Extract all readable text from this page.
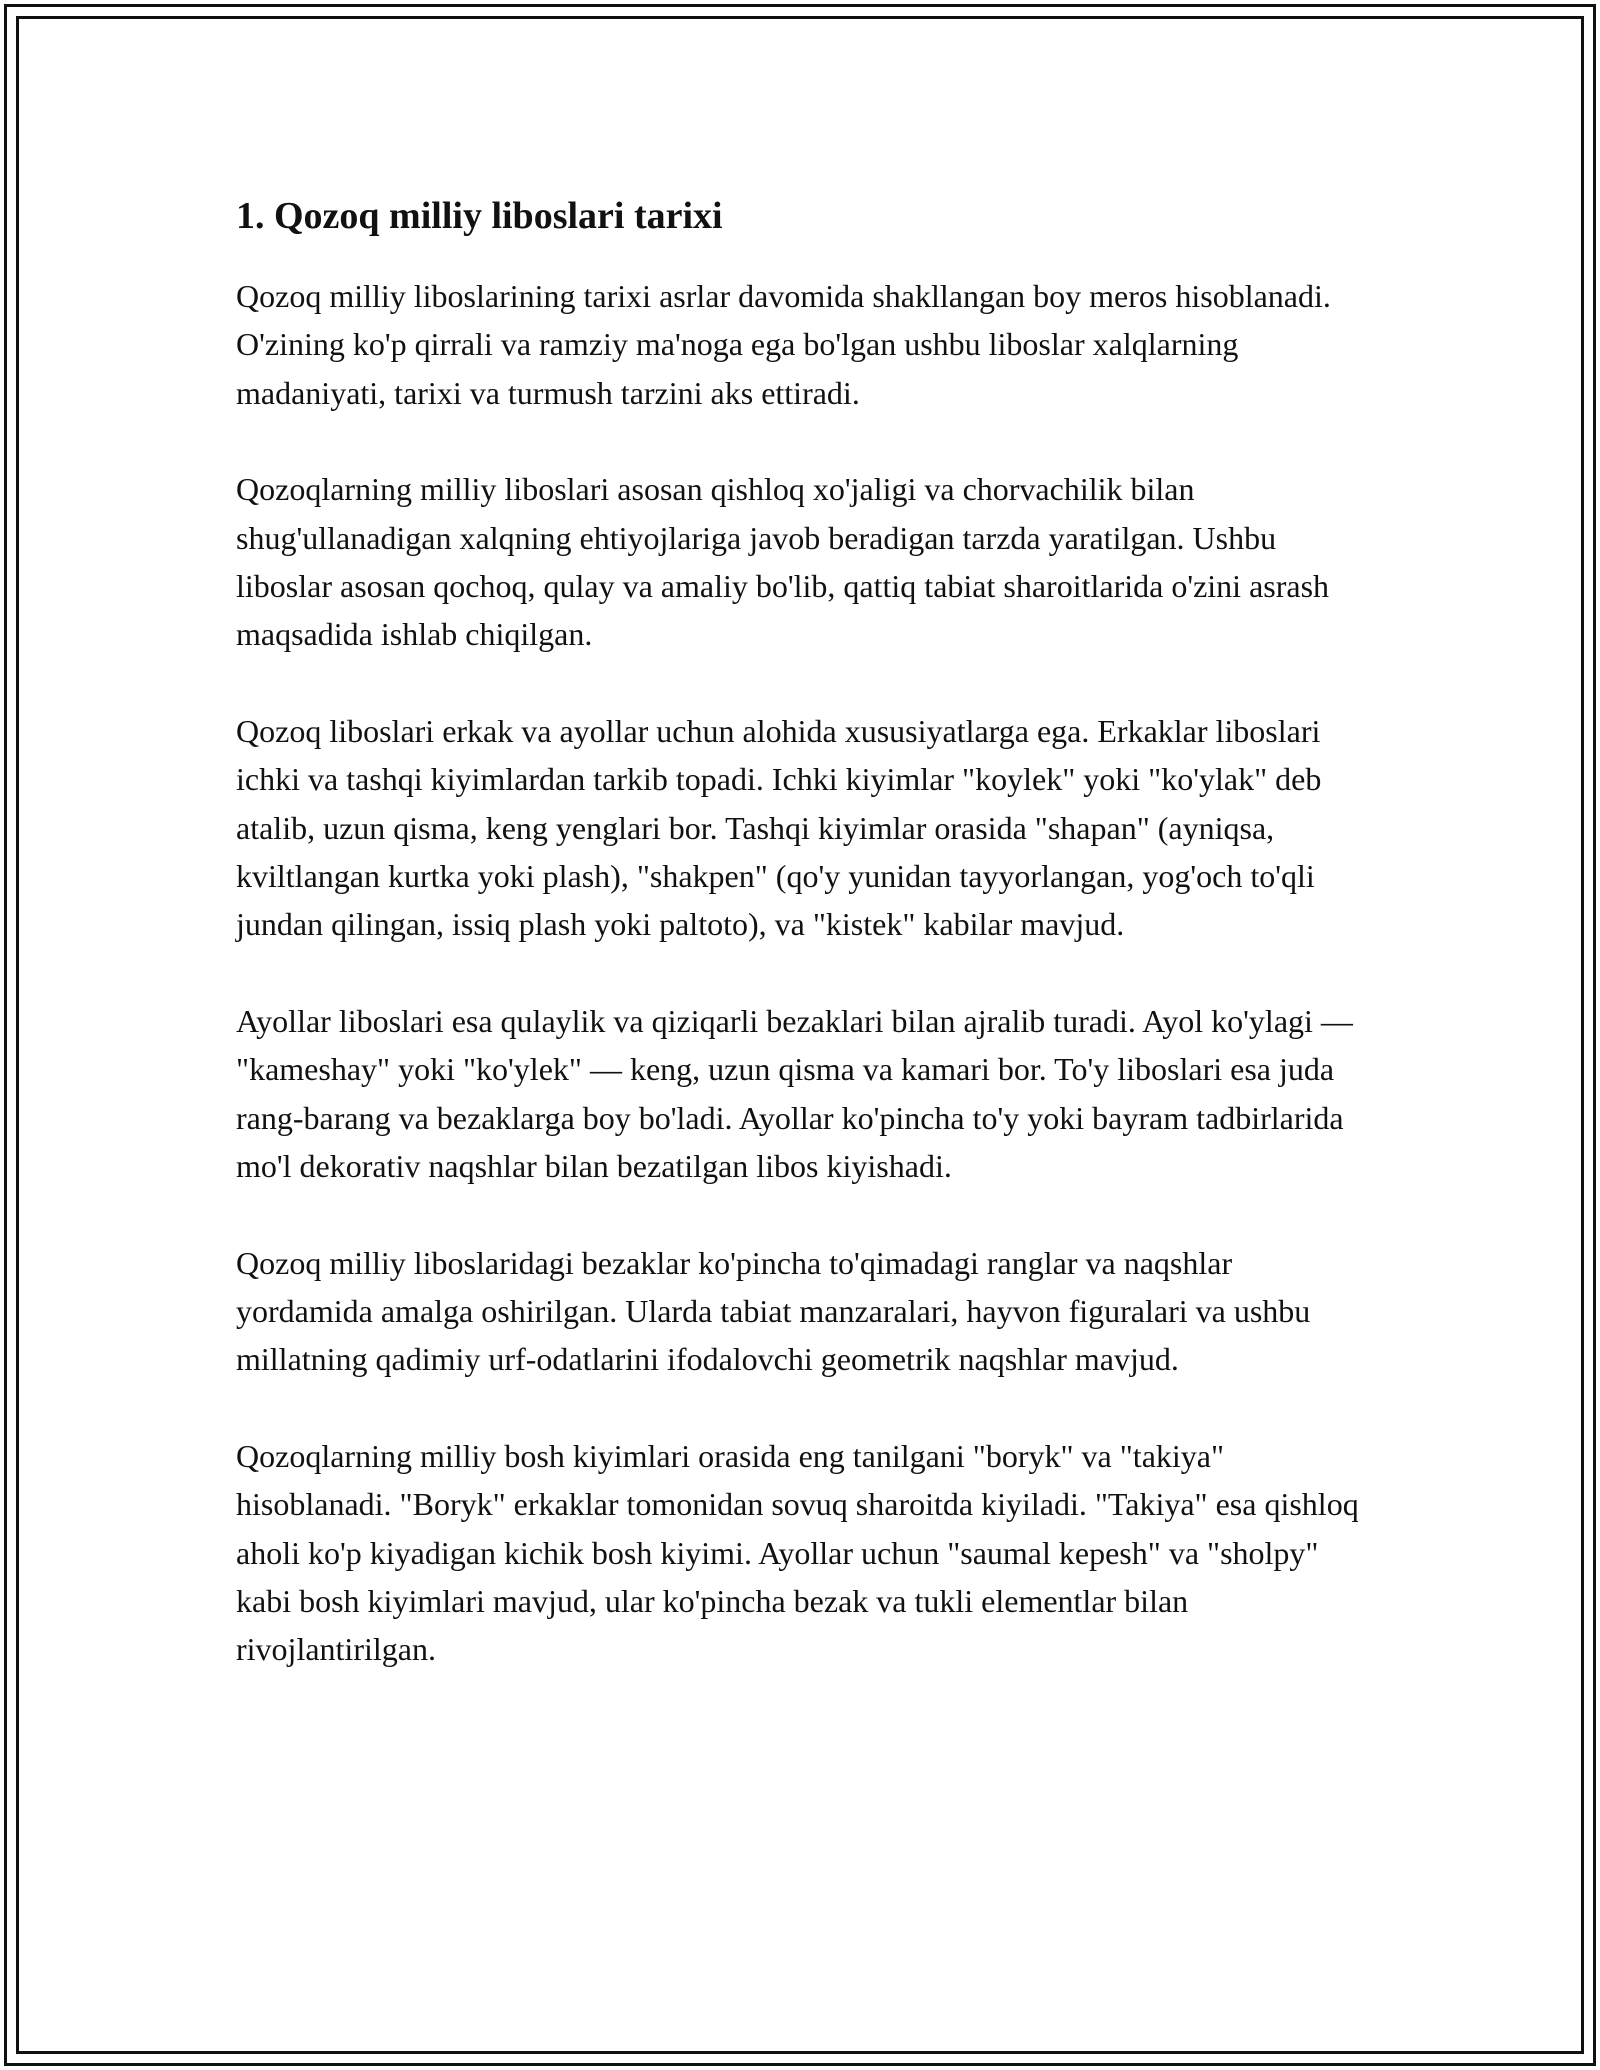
1. Qozoq milliy liboslari tarixi

Qozoq milliy liboslarining tarixi asrlar davomida shakllangan boy meros hisoblanadi. O'zining ko'p qirrali va ramziy ma'noga ega bo'lgan ushbu liboslar xalqlarning madaniyati, tarixi va turmush tarzini aks ettiradi.

Qozoqlarning milliy liboslari asosan qishloq xo'jaligi va chorvachilik bilan shug'ullanadigan xalqning ehtiyojlariga javob beradigan tarzda yaratilgan. Ushbu liboslar asosan qochoq, qulay va amaliy bo'lib, qattiq tabiat sharoitlarida o'zini asrash maqsadida ishlab chiqilgan.

Qozoq liboslari erkak va ayollar uchun alohida xususiyatlarga ega. Erkaklar liboslari ichki va tashqi kiyimlardan tarkib topadi. Ichki kiyimlar "koylek" yoki "ko'ylak" deb atalib, uzun qisma, keng yenglari bor. Tashqi kiyimlar orasida "shapan" (ayniqsa, kviltlangan kurtka yoki plash), "shakpen" (qo'y yunidan tayyorlangan, yog'och to'qli jundan qilingan, issiq plash yoki paltoto), va "kistek" kabilar mavjud.

Ayollar liboslari esa qulaylik va qiziqarli bezaklari bilan ajralib turadi. Ayol ko'ylagi — "kameshay" yoki "ko'ylek" — keng, uzun qisma va kamari bor. To'y liboslari esa juda rang-barang va bezaklarga boy bo'ladi. Ayollar ko'pincha to'y yoki bayram tadbirlarida mo'l dekorativ naqshlar bilan bezatilgan libos kiyishadi.

Qozoq milliy liboslaridagi bezaklar ko'pincha to'qimadagi ranglar va naqshlar yordamida amalga oshirilgan. Ularda tabiat manzaralari, hayvon figuralari va ushbu millatning qadimiy urf-odatlarini ifodalovchi geometrik naqshlar mavjud.

Qozoqlarning milliy bosh kiyimlari orasida eng tanilgani "boryk" va "takiya" hisoblanadi. "Boryk" erkaklar tomonidan sovuq sharoitda kiyiladi. "Takiya" esa qishloq aholi ko'p kiyadigan kichik bosh kiyimi. Ayollar uchun "saumal kepesh" va "sholpy" kabi bosh kiyimlari mavjud, ular ko'pincha bezak va tukli elementlar bilan rivojlantirilgan.
